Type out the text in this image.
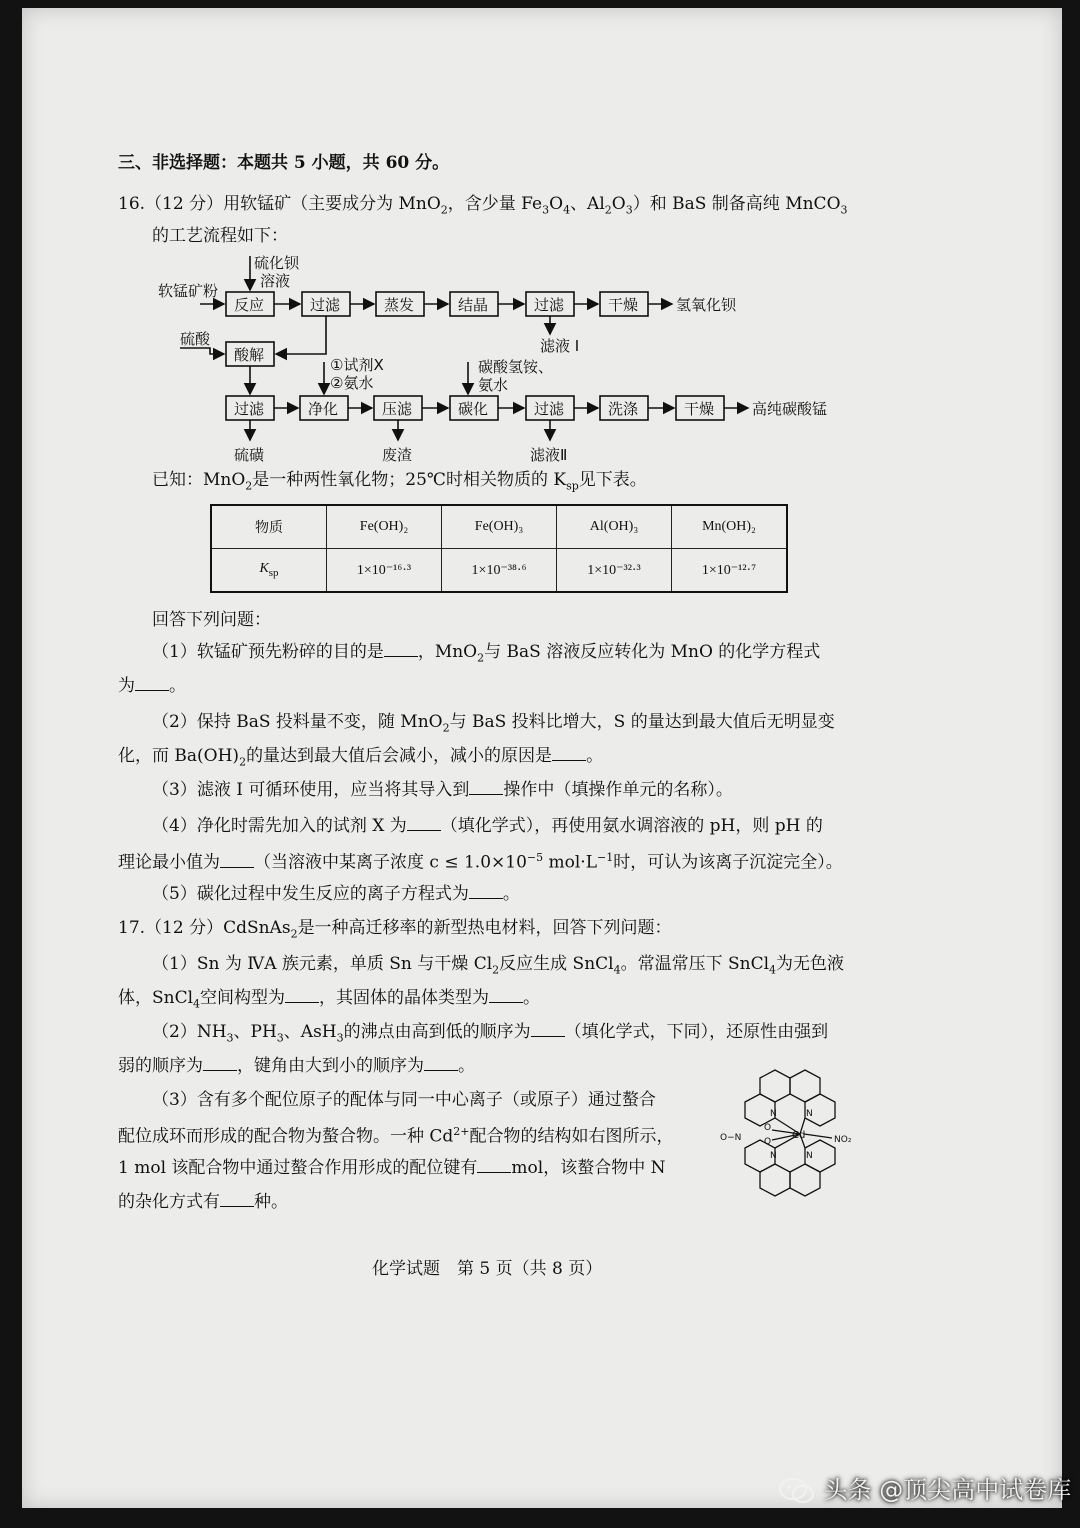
三、非选择题：本题共 5 小题，共 60 分。
16.（12 分）用软锰矿（主要成分为 MnO$_2$，含少量 $Fe_3O_4$、$Al_2O_3$）和 BaS 制备高纯 MnCO$_3$
的工艺流程如下：
软锰矿粉
硫化钡
溶液
反应	过滤	蒸发	结晶	过滤	干燥	氢氧化钡
滤液 I
硫酸
酸解
①试剂X
②氨水
碳酸氢铵、
氨水
过滤	净化	压滤	碳化	过滤	洗涤	干燥	高纯碳酸锰
硫磺	废渣	滤液Ⅱ
已知：MnO$_2$是一种两性氧化物；25℃时相关物质的 $K_{sp}$见下表。
物质	Fe(OH)₂	Fe(OH)₃	Al(OH)₃	Mn(OH)₂
$K_{sp}$	1×10⁻¹⁶·³	1×10⁻³⁸·⁶	1×10⁻³²·³	1×10⁻¹²·⁷
回答下列问题：
（1）软锰矿预先粉碎的目的是 ，MnO$_2$与 BaS 溶液反应转化为 MnO 的化学方程式
为 。
（2）保持 BaS 投料量不变，随 MnO$_2$与 BaS 投料比增大，S 的量达到最大值后无明显变
化，而 $Ba(OH)_2$的量达到最大值后会减小，减小的原因是 。
（3）滤液 I 可循环使用，应当将其导入到 操作中（填操作单元的名称）。
（4）净化时需先加入的试剂 X 为 （填化学式），再使用氨水调溶液的 pH，则 pH 的
理论最小值为 （当溶液中某离子浓度 $c \le 1.0\times 10^{-5}$ $mol\cdot L^{-1}$时，可认为该离子沉淀完全）。
（5）碳化过程中发生反应的离子方程式为 。
17.（12 分）CdSnAs$_2$是一种高迁移率的新型热电材料，回答下列问题：
（1）Sn 为 ⅣA 族元素，单质 Sn 与干燥 $Cl_2$反应生成 SnCl$_4$。常温常压下 SnCl$_4$为无色液
体，SnCl$_4$空间构型为 ，其固体的晶体类型为 。
$(2)NH_3$、$PH_3$、AsH$_3$的沸点由高到低的顺序为 （填化学式，下同），还原性由强到
弱的顺序为 ，键角由大到小的顺序为 。
（3）含有多个配位原子的配体与同一中心离子（或原子）通过螯合
配位成环而形成的配合物为螯合物。一种 $Cd^{2+}$配合物的结构如右图所示，
1 mol 该配合物中通过螯合作用形成的配位键有 mol，该螯合物中 N
的杂化方式有 种。
O−N
O
O
Cd	NO₂
N	N
N	N
化学试题　第 5 页（共 8 页）
头条 @顶尖高中试卷库
